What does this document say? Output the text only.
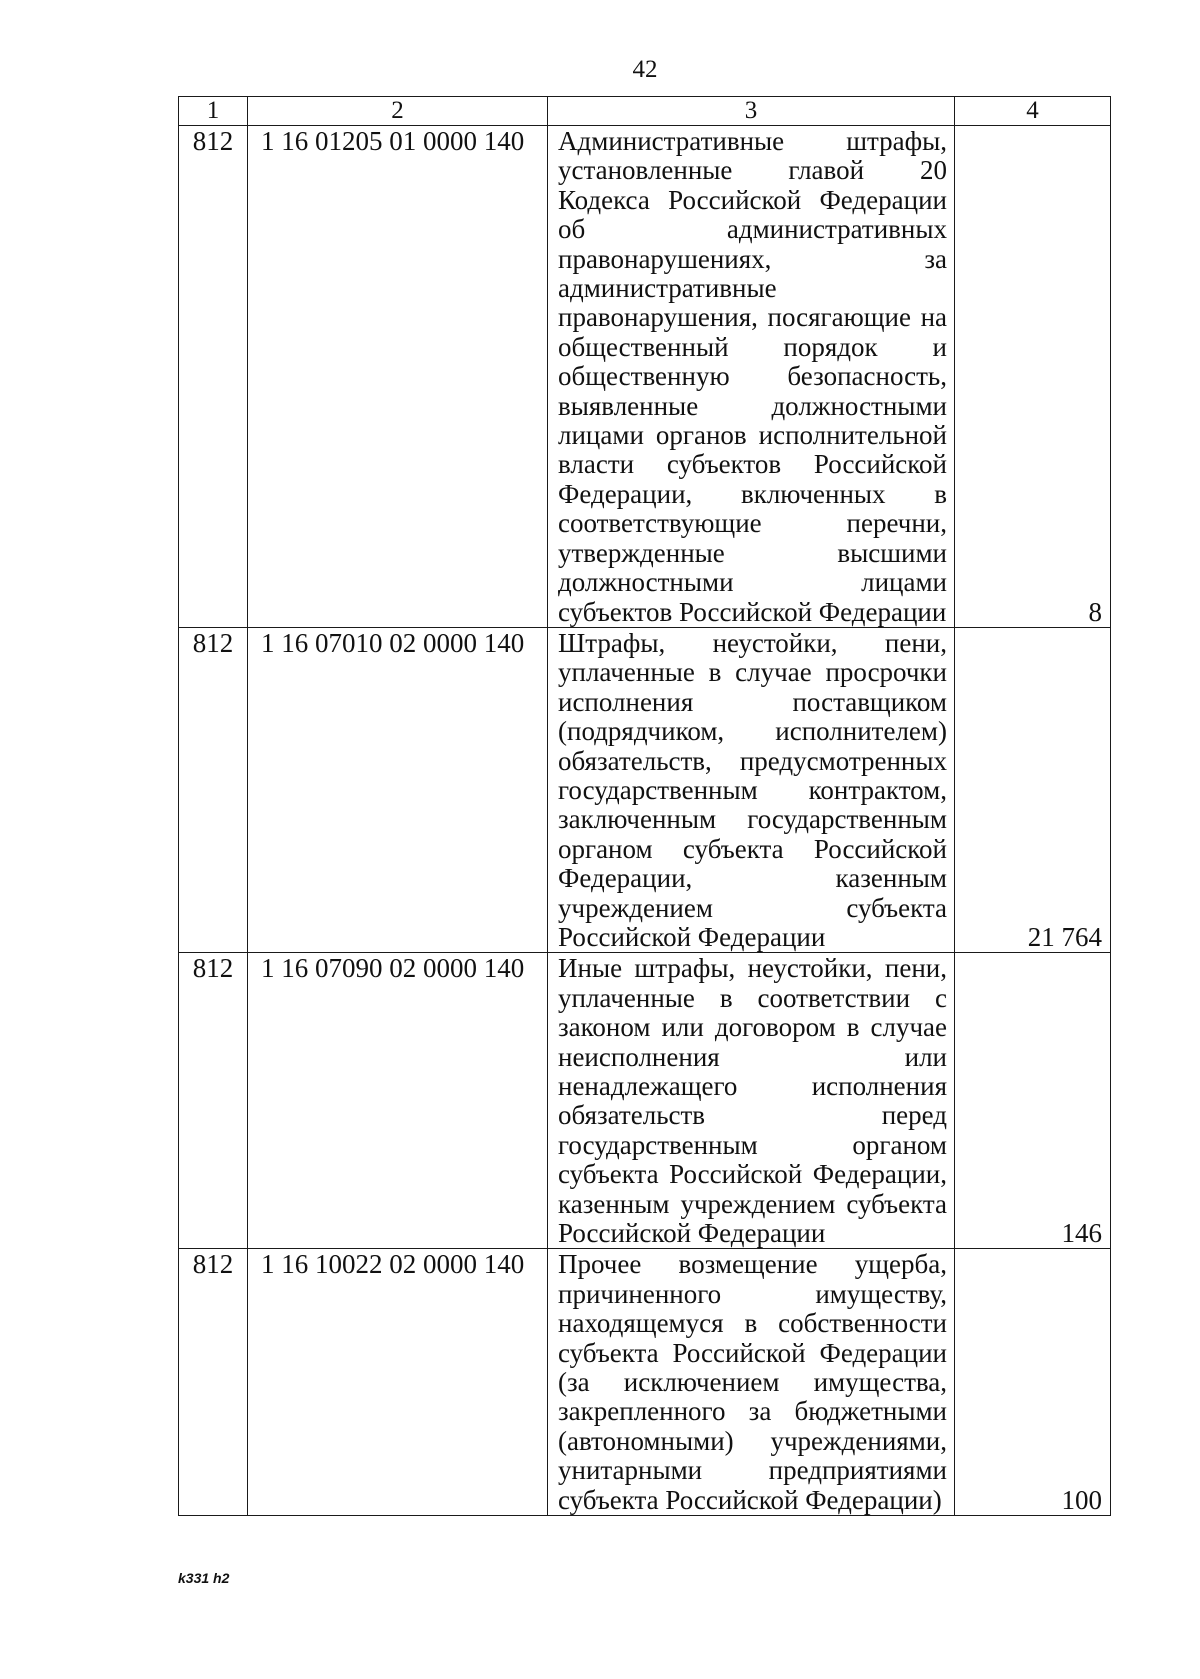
42
1	2	3	4
812	1 16 01205 01 0000 140	Административные штрафы, установленные главой 20 Кодекса Российской Федерации об административных правонарушениях, за административные правонарушения, посягающие на общественный порядок и общественную безопасность, выявленные должностными лицами органов исполнительной власти субъектов Российской Федерации, включенных в соответствующие перечни, утвержденные высшими должностными лицами субъектов Российской Федерации	8
812	1 16 07010 02 0000 140	Штрафы, неустойки, пени, уплаченные в случае просрочки исполнения поставщиком (подрядчиком, исполнителем) обязательств, предусмотренных государственным контрактом, заключенным государственным органом субъекта Российской Федерации, казенным учреждением субъекта Российской Федерации	21 764
812	1 16 07090 02 0000 140	Иные штрафы, неустойки, пени, уплаченные в соответствии с законом или договором в случае неисполнения или ненадлежащего исполнения обязательств перед государственным органом субъекта Российской Федерации, казенным учреждением субъекта Российской Федерации	146
812	1 16 10022 02 0000 140	Прочее возмещение ущерба, причиненного имуществу, находящемуся в собственности субъекта Российской Федерации (за исключением имущества, закрепленного за бюджетными (автономными) учреждениями, унитарными предприятиями субъекта Российской Федерации)	100
k331 h2
